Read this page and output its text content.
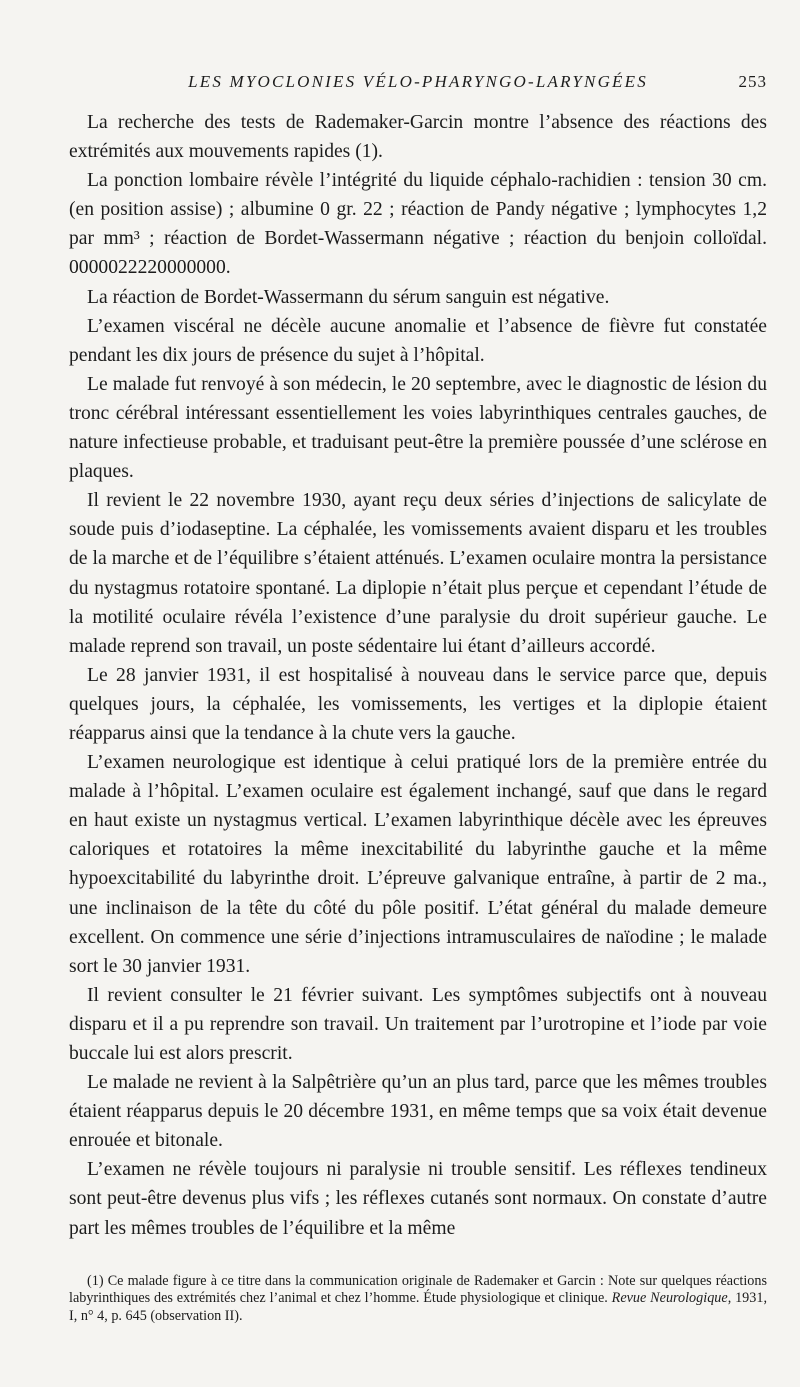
LES MYOCLONIES VÉLO-PHARYNGO-LARYNGÉES	253

La recherche des tests de Rademaker-Garcin montre l’absence des réactions des extrémités aux mouvements rapides (1).

La ponction lombaire révèle l’intégrité du liquide céphalo-rachidien : tension 30 cm. (en position assise) ; albumine 0 gr. 22 ; réaction de Pandy négative ; lymphocytes 1,2 par mm³ ; réaction de Bordet-Wassermann négative ; réaction du benjoin colloïdal. 0000022220000000.

La réaction de Bordet-Wassermann du sérum sanguin est négative.

L’examen viscéral ne décèle aucune anomalie et l’absence de fièvre fut constatée pendant les dix jours de présence du sujet à l’hôpital.

Le malade fut renvoyé à son médecin, le 20 septembre, avec le diagnostic de lésion du tronc cérébral intéressant essentiellement les voies labyrinthiques centrales gauches, de nature infectieuse probable, et traduisant peut-être la première poussée d’une sclérose en plaques.

Il revient le 22 novembre 1930, ayant reçu deux séries d’injections de salicylate de soude puis d’iodaseptine. La céphalée, les vomissements avaient disparu et les troubles de la marche et de l’équilibre s’étaient atténués. L’examen oculaire montra la persistance du nystagmus rotatoire spontané. La diplopie n’était plus perçue et cependant l’étude de la motilité oculaire révéla l’existence d’une paralysie du droit supérieur gauche. Le malade reprend son travail, un poste sédentaire lui étant d’ailleurs accordé.

Le 28 janvier 1931, il est hospitalisé à nouveau dans le service parce que, depuis quelques jours, la céphalée, les vomissements, les vertiges et la diplopie étaient réapparus ainsi que la tendance à la chute vers la gauche.

L’examen neurologique est identique à celui pratiqué lors de la première entrée du malade à l’hôpital. L’examen oculaire est également inchangé, sauf que dans le regard en haut existe un nystagmus vertical. L’examen labyrinthique décèle avec les épreuves caloriques et rotatoires la même inexcitabilité du labyrinthe gauche et la même hypoexcitabilité du labyrinthe droit. L’épreuve galvanique entraîne, à partir de 2 ma., une inclinaison de la tête du côté du pôle positif. L’état général du malade demeure excellent. On commence une série d’injections intramusculaires de naïodine ; le malade sort le 30 janvier 1931.

Il revient consulter le 21 février suivant. Les symptômes subjectifs ont à nouveau disparu et il a pu reprendre son travail. Un traitement par l’urotropine et l’iode par voie buccale lui est alors prescrit.

Le malade ne revient à la Salpêtrière qu’un an plus tard, parce que les mêmes troubles étaient réapparus depuis le 20 décembre 1931, en même temps que sa voix était devenue enrouée et bitonale.

L’examen ne révèle toujours ni paralysie ni trouble sensitif. Les réflexes tendineux sont peut-être devenus plus vifs ; les réflexes cutanés sont normaux. On constate d’autre part les mêmes troubles de l’équilibre et la même

(1) Ce malade figure à ce titre dans la communication originale de Rademaker et Garcin : Note sur quelques réactions labyrinthiques des extrémités chez l’animal et chez l’homme. Étude physiologique et clinique. Revue Neurologique, 1931, I, n° 4, p. 645 (observation II).
